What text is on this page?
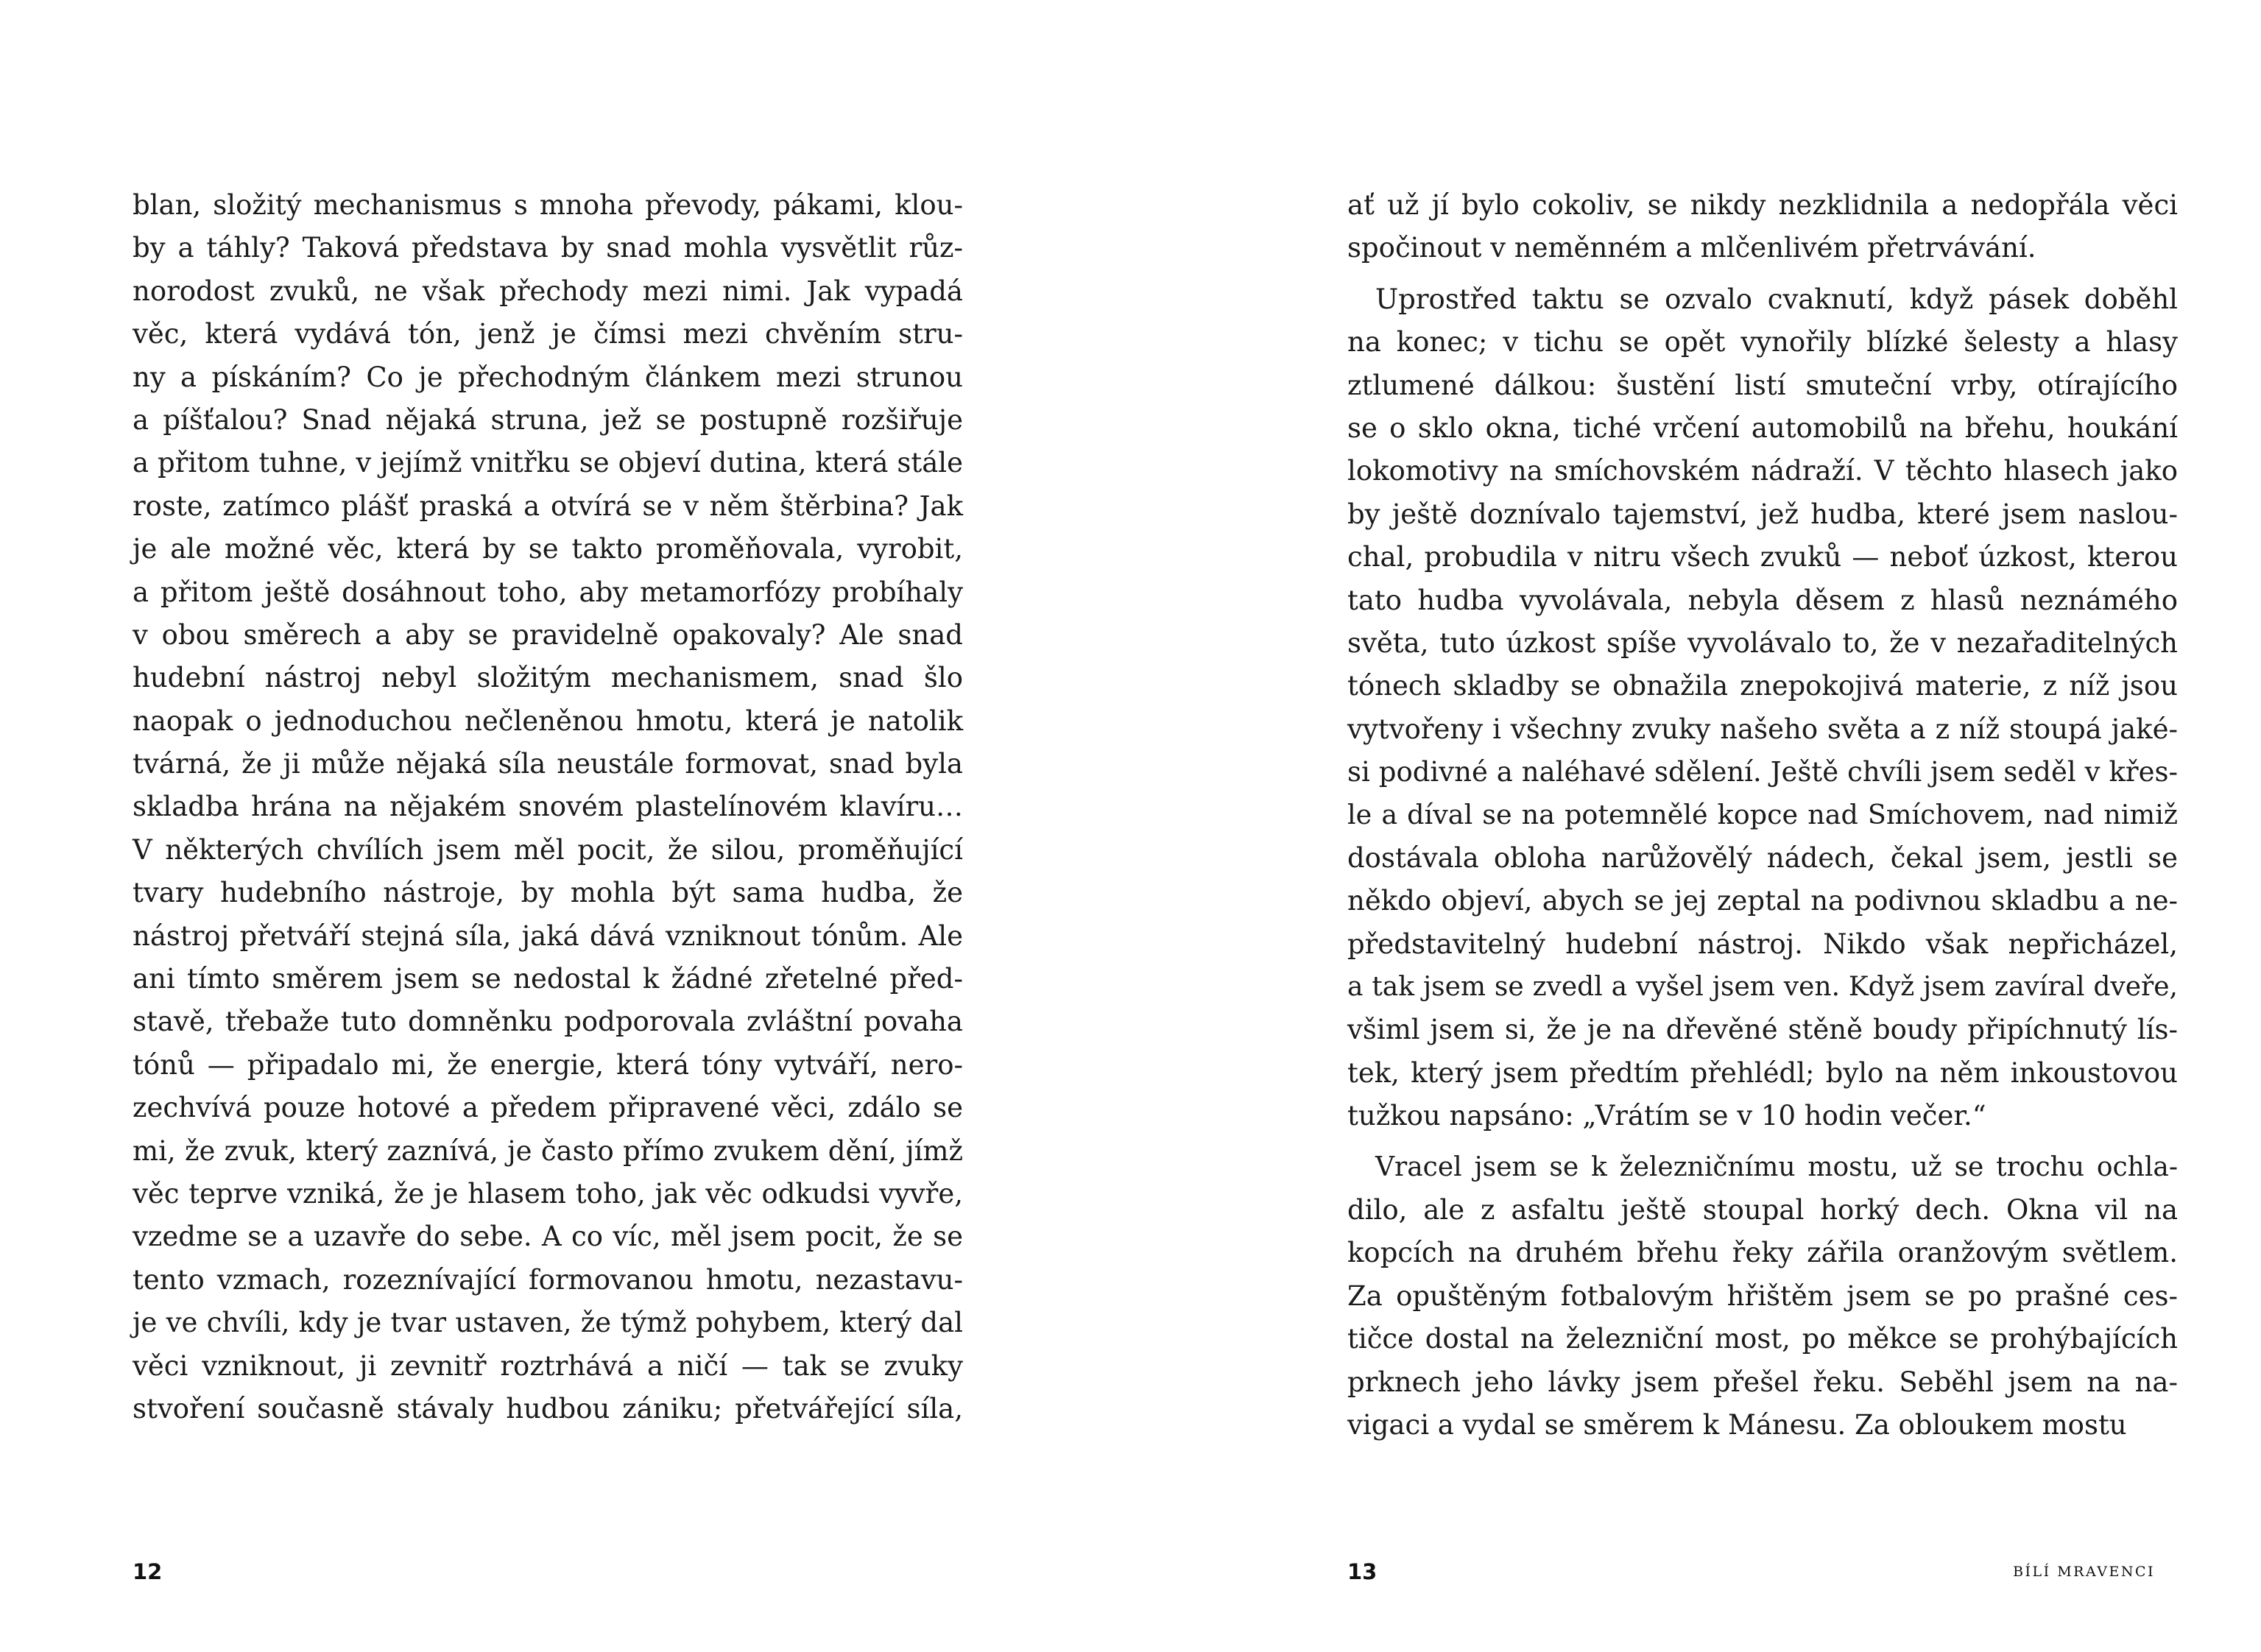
blan, složitý mechanismus s mnoha převody, pákami, klou-
by a táhly? Taková představa by snad mohla vysvětlit růz-
norodost zvuků, ne však přechody mezi nimi. Jak vypadá
věc, která vydává tón, jenž je čímsi mezi chvěním stru-
ny a pískáním? Co je přechodným článkem mezi strunou
a píšťalou? Snad nějaká struna, jež se postupně rozšiřuje
a přitom tuhne, v jejímž vnitřku se objeví dutina, která stále
roste, zatímco plášť praská a otvírá se v něm štěrbina? Jak
je ale možné věc, která by se takto proměňovala, vyrobit,
a přitom ještě dosáhnout toho, aby metamorfózy probíhaly
v obou směrech a aby se pravidelně opakovaly? Ale snad
hudební nástroj nebyl složitým mechanismem, snad šlo
naopak o jednoduchou nečleněnou hmotu, která je natolik
tvárná, že ji může nějaká síla neustále formovat, snad byla
skladba hrána na nějakém snovém plastelínovém klavíru…
V některých chvílích jsem měl pocit, že silou, proměňující
tvary hudebního nástroje, by mohla být sama hudba, že
nástroj přetváří stejná síla, jaká dává vzniknout tónům. Ale
ani tímto směrem jsem se nedostal k žádné zřetelné před-
stavě, třebaže tuto domněnku podporovala zvláštní povaha
tónů — připadalo mi, že energie, která tóny vytváří, nero-
zechvívá pouze hotové a předem připravené věci, zdálo se
mi, že zvuk, který zaznívá, je často přímo zvukem dění, jímž
věc teprve vzniká, že je hlasem toho, jak věc odkudsi vyvře,
vzedme se a uzavře do sebe. A co víc, měl jsem pocit, že se
tento vzmach, rozeznívající formovanou hmotu, nezastavu-
je ve chvíli, kdy je tvar ustaven, že týmž pohybem, který dal
věci vzniknout, ji zevnitř roztrhává a ničí — tak se zvuky
stvoření současně stávaly hudbou zániku; přetvářející síla,
12
ať už jí bylo cokoliv, se nikdy nezklidnila a nedopřála věci
spočinout v neměnném a mlčenlivém přetrvávání.
Uprostřed taktu se ozvalo cvaknutí, když pásek doběhl
na konec; v tichu se opět vynořily blízké šelesty a hlasy
ztlumené dálkou: šustění listí smuteční vrby, otírajícího
se o sklo okna, tiché vrčení automobilů na břehu, houkání
lokomotivy na smíchovském nádraží. V těchto hlasech jako
by ještě doznívalo tajemství, jež hudba, které jsem naslou-
chal, probudila v nitru všech zvuků — neboť úzkost, kterou
tato hudba vyvolávala, nebyla děsem z hlasů neznámého
světa, tuto úzkost spíše vyvolávalo to, že v nezařaditelných
tónech skladby se obnažila znepokojivá materie, z níž jsou
vytvořeny i všechny zvuky našeho světa a z níž stoupá jaké-
si podivné a naléhavé sdělení. Ještě chvíli jsem seděl v křes-
le a díval se na potemnělé kopce nad Smíchovem, nad nimiž
dostávala obloha narůžovělý nádech, čekal jsem, jestli se
někdo objeví, abych se jej zeptal na podivnou skladbu a ne-
představitelný hudební nástroj. Nikdo však nepřicházel,
a tak jsem se zvedl a vyšel jsem ven. Když jsem zavíral dveře,
všiml jsem si, že je na dřevěné stěně boudy připíchnutý lís-
tek, který jsem předtím přehlédl; bylo na něm inkoustovou
tužkou napsáno: „Vrátím se v 10 hodin večer.“
Vracel jsem se k železničnímu mostu, už se trochu ochla-
dilo, ale z asfaltu ještě stoupal horký dech. Okna vil na
kopcích na druhém břehu řeky zářila oranžovým světlem.
Za opuštěným fotbalovým hřištěm jsem se po prašné ces-
tičce dostal na železniční most, po měkce se prohýbajících
prknech jeho lávky jsem přešel řeku. Seběhl jsem na na-
vigaci a vydal se směrem k Mánesu. Za obloukem mostu
13	BÍLÍ MRAVENCI
